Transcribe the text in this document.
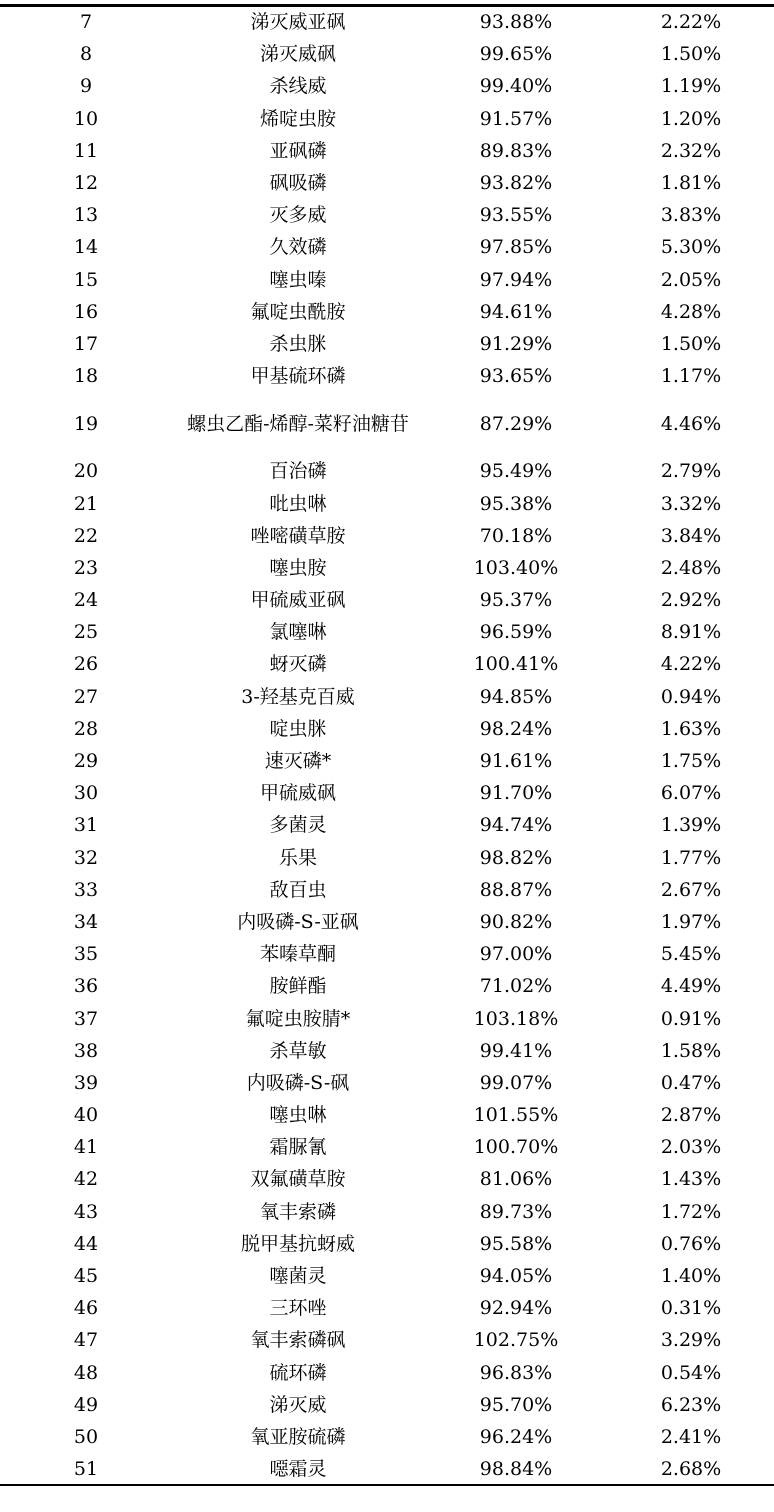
7	涕灭威亚砜	93.88%	2.22%
8	涕灭威砜	99.65%	1.50%
9	杀线威	99.40%	1.19%
10	烯啶虫胺	91.57%	1.20%
11	亚砜磷	89.83%	2.32%
12	砜吸磷	93.82%	1.81%
13	灭多威	93.55%	3.83%
14	久效磷	97.85%	5.30%
15	噻虫嗪	97.94%	2.05%
16	氟啶虫酰胺	94.61%	4.28%
17	杀虫脒	91.29%	1.50%
18	甲基硫环磷	93.65%	1.17%
19	螺虫乙酯-烯醇-菜籽油糖苷	87.29%	4.46%
20	百治磷	95.49%	2.79%
21	吡虫啉	95.38%	3.32%
22	唑嘧磺草胺	70.18%	3.84%
23	噻虫胺	103.40%	2.48%
24	甲硫威亚砜	95.37%	2.92%
25	氯噻啉	96.59%	8.91%
26	蚜灭磷	100.41%	4.22%
27	3-羟基克百威	94.85%	0.94%
28	啶虫脒	98.24%	1.63%
29	速灭磷*	91.61%	1.75%
30	甲硫威砜	91.70%	6.07%
31	多菌灵	94.74%	1.39%
32	乐果	98.82%	1.77%
33	敌百虫	88.87%	2.67%
34	内吸磷-S-亚砜	90.82%	1.97%
35	苯嗪草酮	97.00%	5.45%
36	胺鲜酯	71.02%	4.49%
37	氟啶虫胺腈*	103.18%	0.91%
38	杀草敏	99.41%	1.58%
39	内吸磷-S-砜	99.07%	0.47%
40	噻虫啉	101.55%	2.87%
41	霜脲氰	100.70%	2.03%
42	双氟磺草胺	81.06%	1.43%
43	氧丰索磷	89.73%	1.72%
44	脱甲基抗蚜威	95.58%	0.76%
45	噻菌灵	94.05%	1.40%
46	三环唑	92.94%	0.31%
47	氧丰索磷砜	102.75%	3.29%
48	硫环磷	96.83%	0.54%
49	涕灭威	95.70%	6.23%
50	氧亚胺硫磷	96.24%	2.41%
51	噁霜灵	98.84%	2.68%
